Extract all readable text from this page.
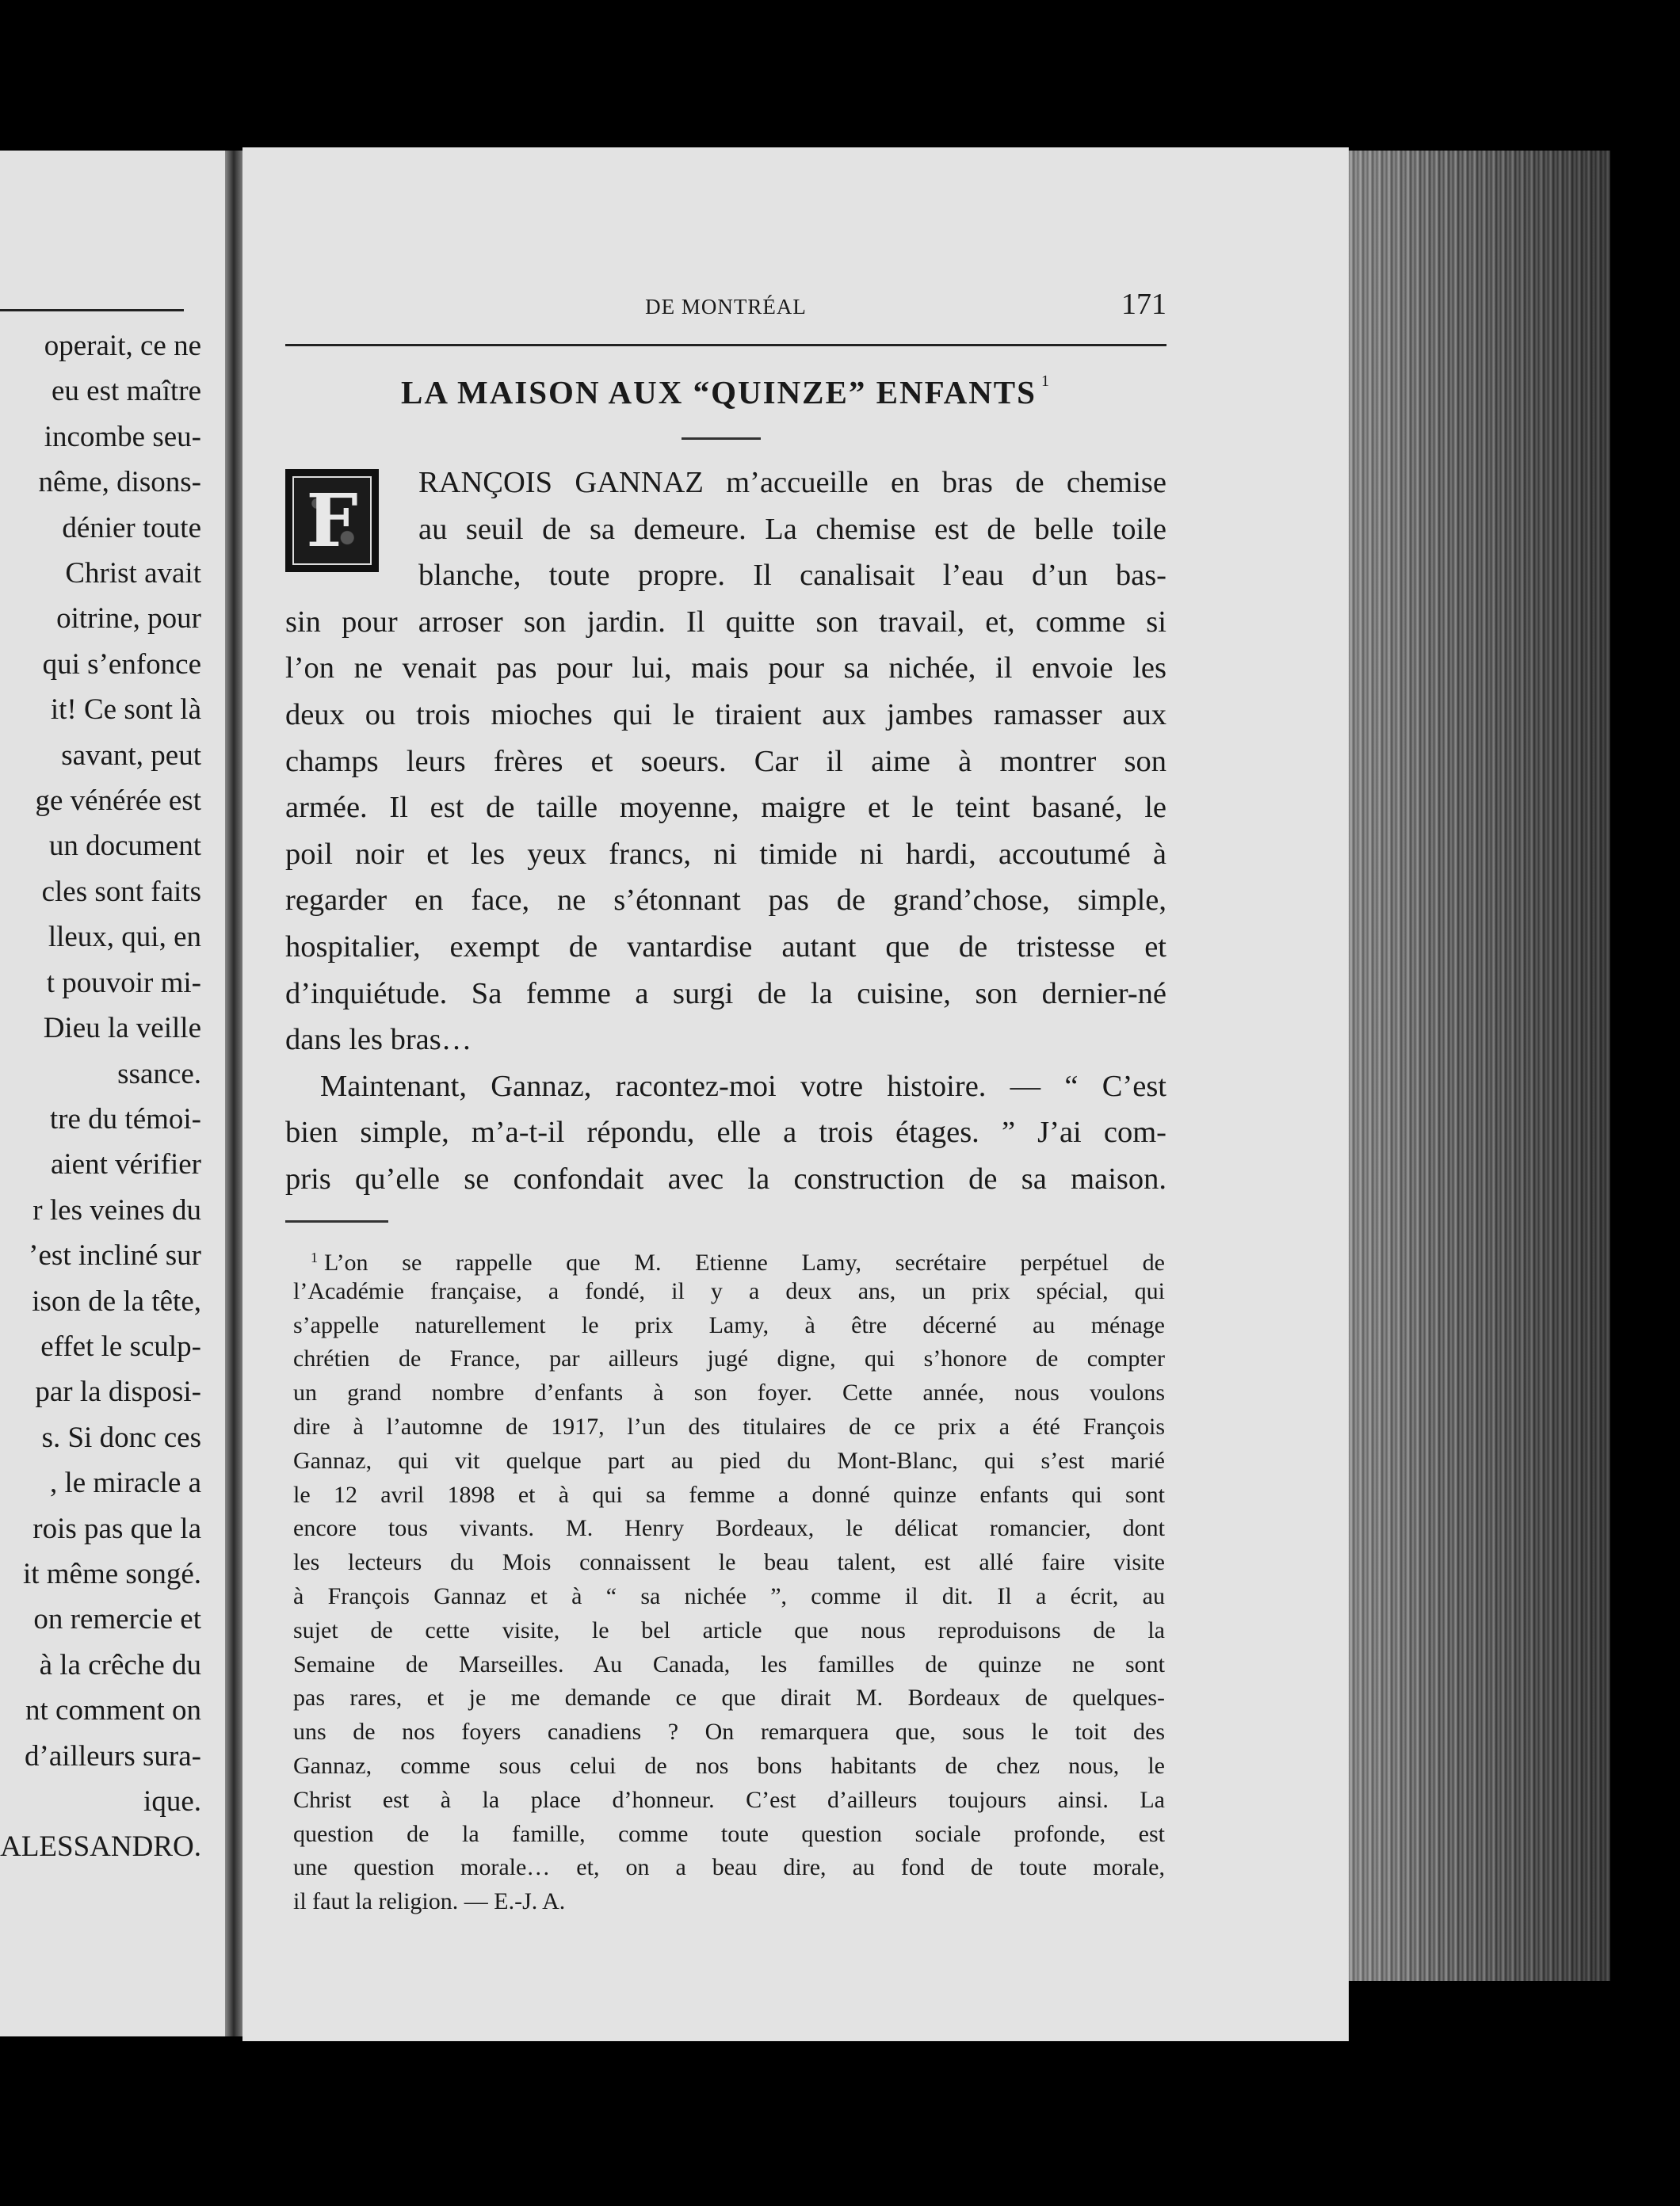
operait, ce ne
eu est maître
incombe seu-
nême, disons-
dénier toute
Christ avait
oitrine, pour
qui s’enfonce
it! Ce sont là
savant, peut
ge vénérée est
un document
cles sont faits
lleux, qui, en
t pouvoir mi-
Dieu la veille
ssance.
tre du témoi-
aient vérifier
r les veines du
’est incliné sur
ison de la tête,
effet le sculp-
par la disposi-
s. Si donc ces
, le miracle a
rois pas que la
it même songé.
on remercie et
à la crêche du
nt comment on
d’ailleurs sura-
ique.
ALESSANDRO.
DE MONTRÉAL	171
LA MAISON AUX “QUINZE” ENFANTS $^1$
F	RANÇOIS GANNAZ m’accueille en bras de chemise
au seuil de sa demeure. La chemise est de belle toile
blanche, toute propre. Il canalisait l’eau d’un bas-
sin pour arroser son jardin. Il quitte son travail, et, comme si
l’on ne venait pas pour lui, mais pour sa nichée, il envoie les
deux ou trois mioches qui le tiraient aux jambes ramasser aux
champs leurs frères et soeurs. Car il aime à montrer son
armée. Il est de taille moyenne, maigre et le teint basané, le
poil noir et les yeux francs, ni timide ni hardi, accoutumé à
regarder en face, ne s’étonnant pas de grand’chose, simple,
hospitalier, exempt de vantardise autant que de tristesse et
d’inquiétude. Sa femme a surgi de la cuisine, son dernier-né
dans les bras…
Maintenant, Gannaz, racontez-moi votre histoire. — “ C’est
bien simple, m’a-t-il répondu, elle a trois étages. ” J’ai com-
pris qu’elle se confondait avec la construction de sa maison.
$^1$ L’on se rappelle que M. Etienne Lamy, secrétaire perpétuel de
l’Académie française, a fondé, il y a deux ans, un prix spécial, qui
s’appelle naturellement le prix Lamy, à être décerné au ménage
chrétien de France, par ailleurs jugé digne, qui s’honore de compter
un grand nombre d’enfants à son foyer. Cette année, nous voulons
dire à l’automne de 1917, l’un des titulaires de ce prix a été François
Gannaz, qui vit quelque part au pied du Mont-Blanc, qui s’est marié
le 12 avril 1898 et à qui sa femme a donné quinze enfants qui sont
encore tous vivants. M. Henry Bordeaux, le délicat romancier, dont
les lecteurs du Mois connaissent le beau talent, est allé faire visite
à François Gannaz et à “ sa nichée ”, comme il dit. Il a écrit, au
sujet de cette visite, le bel article que nous reproduisons de la
Semaine de Marseilles. Au Canada, les familles de quinze ne sont
pas rares, et je me demande ce que dirait M. Bordeaux de quelques-
uns de nos foyers canadiens ? On remarquera que, sous le toit des
Gannaz, comme sous celui de nos bons habitants de chez nous, le
Christ est à la place d’honneur. C’est d’ailleurs toujours ainsi. La
question de la famille, comme toute question sociale profonde, est
une question morale… et, on a beau dire, au fond de toute morale,
il faut la religion. — E.-J. A.
